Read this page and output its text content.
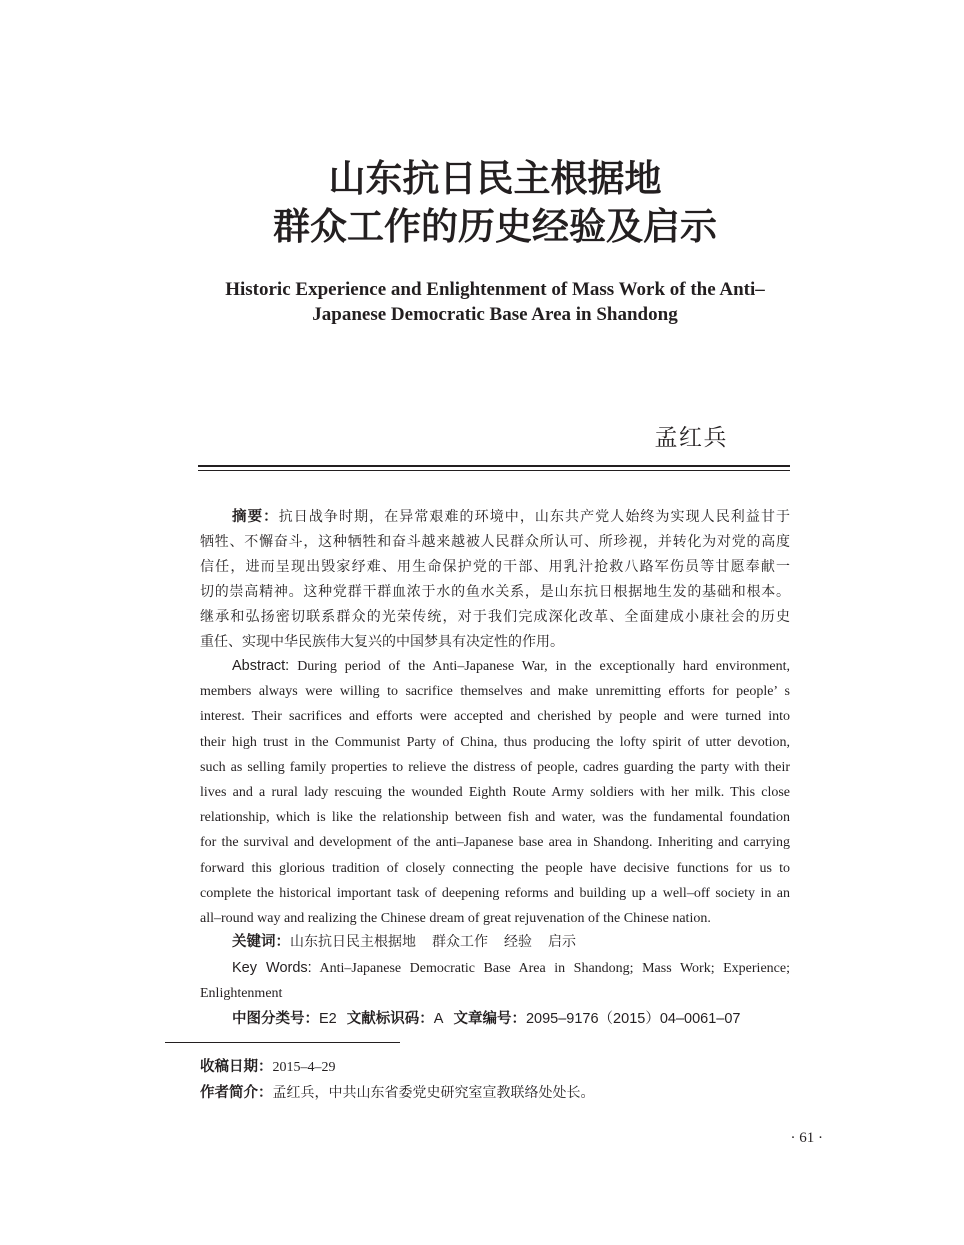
山东抗日民主根据地
群众工作的历史经验及启示
Historic Experience and Enlightenment of Mass Work of the Anti–
Japanese Democratic Base Area in Shandong
孟红兵
摘要：抗日战争时期，在异常艰难的环境中，山东共产党人始终为实现人民利益甘于
牺牲、不懈奋斗，这种牺牲和奋斗越来越被人民群众所认可、所珍视，并转化为对党的高度
信任，进而呈现出毁家纾难、用生命保护党的干部、用乳汁抢救八路军伤员等甘愿奉献一
切的崇高精神。这种党群干群血浓于水的鱼水关系，是山东抗日根据地生发的基础和根本。
继承和弘扬密切联系群众的光荣传统，对于我们完成深化改革、全面建成小康社会的历史
重任、实现中华民族伟大复兴的中国梦具有决定性的作用。
Abstract: During period of the Anti–Japanese War, in the exceptionally hard environment,
members always were willing to sacrifice themselves and make unremitting efforts for people’ s
interest. Their sacrifices and efforts were accepted and cherished by people and were turned into
their high trust in the Communist Party of China, thus producing the lofty spirit of utter devotion,
such as selling family properties to relieve the distress of people, cadres guarding the party with their
lives and a rural lady rescuing the wounded Eighth Route Army soldiers with her milk. This close
relationship, which is like the relationship between fish and water, was the fundamental foundation
for the survival and development of the anti–Japanese base area in Shandong. Inheriting and carrying
forward this glorious tradition of closely connecting the people have decisive functions for us to
complete the historical important task of deepening reforms and building up a well–off society in an
all–round way and realizing the Chinese dream of great rejuvenation of the Chinese nation.
关键词：山东抗日民主根据地 群众工作 经验 启示
Key Words: Anti–Japanese Democratic Base Area in Shandong; Mass Work; Experience; Enlightenment
中图分类号：E2 文献标识码：A 文章编号：2095–9176（2015）04–0061–07
收稿日期：2015–4–29
作者简介：孟红兵，中共山东省委党史研究室宣教联络处处长。
· 61 ·
